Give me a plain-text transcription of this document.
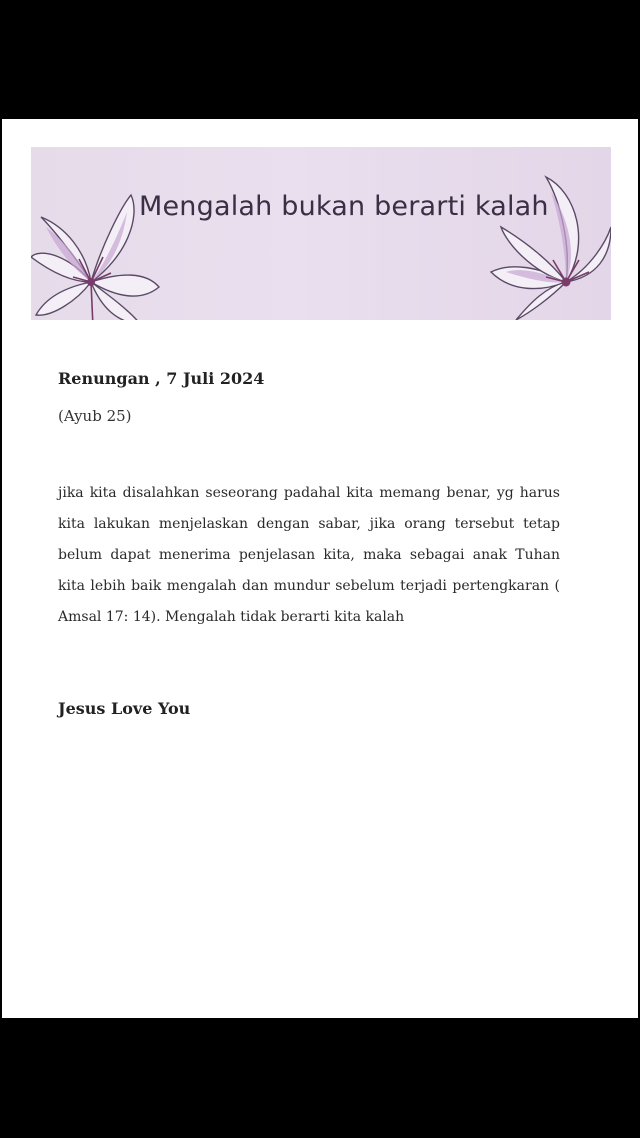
Mengalah bukan berarti kalah
Renungan , 7 Juli 2024
(Ayub 25)
jika kita disalahkan seseorang padahal kita memang benar, yg harus kita lakukan menjelaskan dengan sabar, jika orang tersebut tetap belum dapat menerima penjelasan kita, maka sebagai anak Tuhan kita lebih baik mengalah dan mundur sebelum terjadi pertengkaran ( Amsal 17: 14). Mengalah tidak berarti kita kalah
Jesus Love You
